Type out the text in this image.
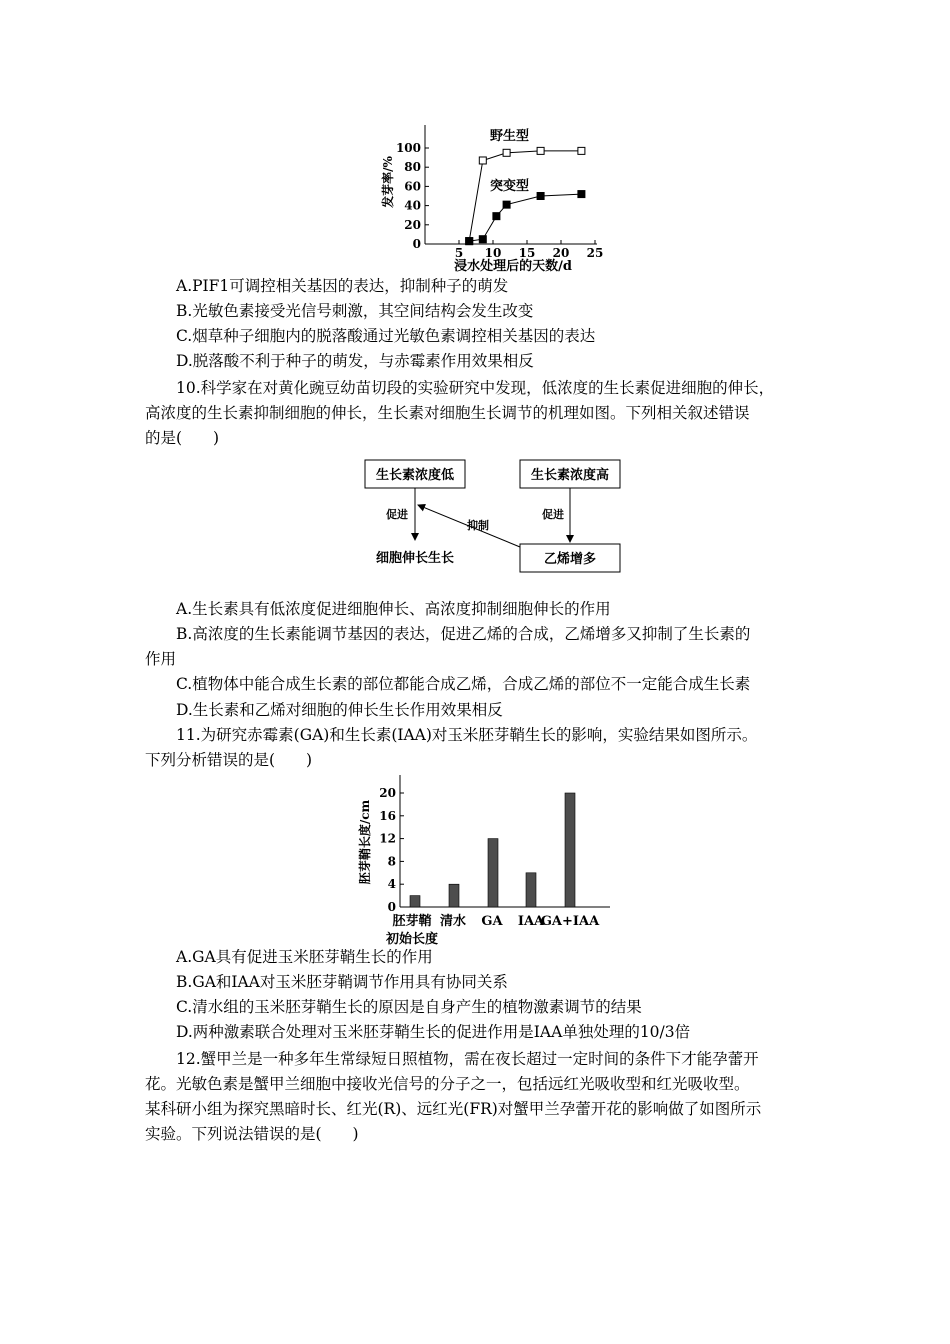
100
80
60
40
20
0
5 10 15 20 25
发芽率/%
浸水处理后的天数/d
野生型
突变型
A.PIF1可调控相关基因的表达，抑制种子的萌发
B.光敏色素接受光信号刺激，其空间结构会发生改变
C.烟草种子细胞内的脱落酸通过光敏色素调控相关基因的表达
D.脱落酸不利于种子的萌发，与赤霉素作用效果相反
10.科学家在对黄化豌豆幼苗切段的实验研究中发现，低浓度的生长素促进细胞的伸长，
高浓度的生长素抑制细胞的伸长，生长素对细胞生长调节的机理如图。下列相关叙述错误
的是(　　)
生长素浓度低	生长素浓度高
促进	促进
抑制
细胞伸长生长	乙烯增多
A.生长素具有低浓度促进细胞伸长、高浓度抑制细胞伸长的作用
B.高浓度的生长素能调节基因的表达，促进乙烯的合成，乙烯增多又抑制了生长素的
作用
C.植物体中能合成生长素的部位都能合成乙烯，合成乙烯的部位不一定能合成生长素
D.生长素和乙烯对细胞的伸长生长作用效果相反
11.为研究赤霉素(GA)和生长素(IAA)对玉米胚芽鞘生长的影响，实验结果如图所示。
下列分析错误的是(　　)
20
16
12
8
4
0
胚芽鞘长度/cm
胚芽鞘
初始长度
清水 GA IAA
GA+IAA
A.GA具有促进玉米胚芽鞘生长的作用
B.GA和IAA对玉米胚芽鞘调节作用具有协同关系
C.清水组的玉米胚芽鞘生长的原因是自身产生的植物激素调节的结果
D.两种激素联合处理对玉米胚芽鞘生长的促进作用是IAA单独处理的10/3倍
12.蟹甲兰是一种多年生常绿短日照植物，需在夜长超过一定时间的条件下才能孕蕾开
花。光敏色素是蟹甲兰细胞中接收光信号的分子之一，包括远红光吸收型和红光吸收型。
某科研小组为探究黑暗时长、红光(R)、远红光(FR)对蟹甲兰孕蕾开花的影响做了如图所示
实验。下列说法错误的是(　　)
